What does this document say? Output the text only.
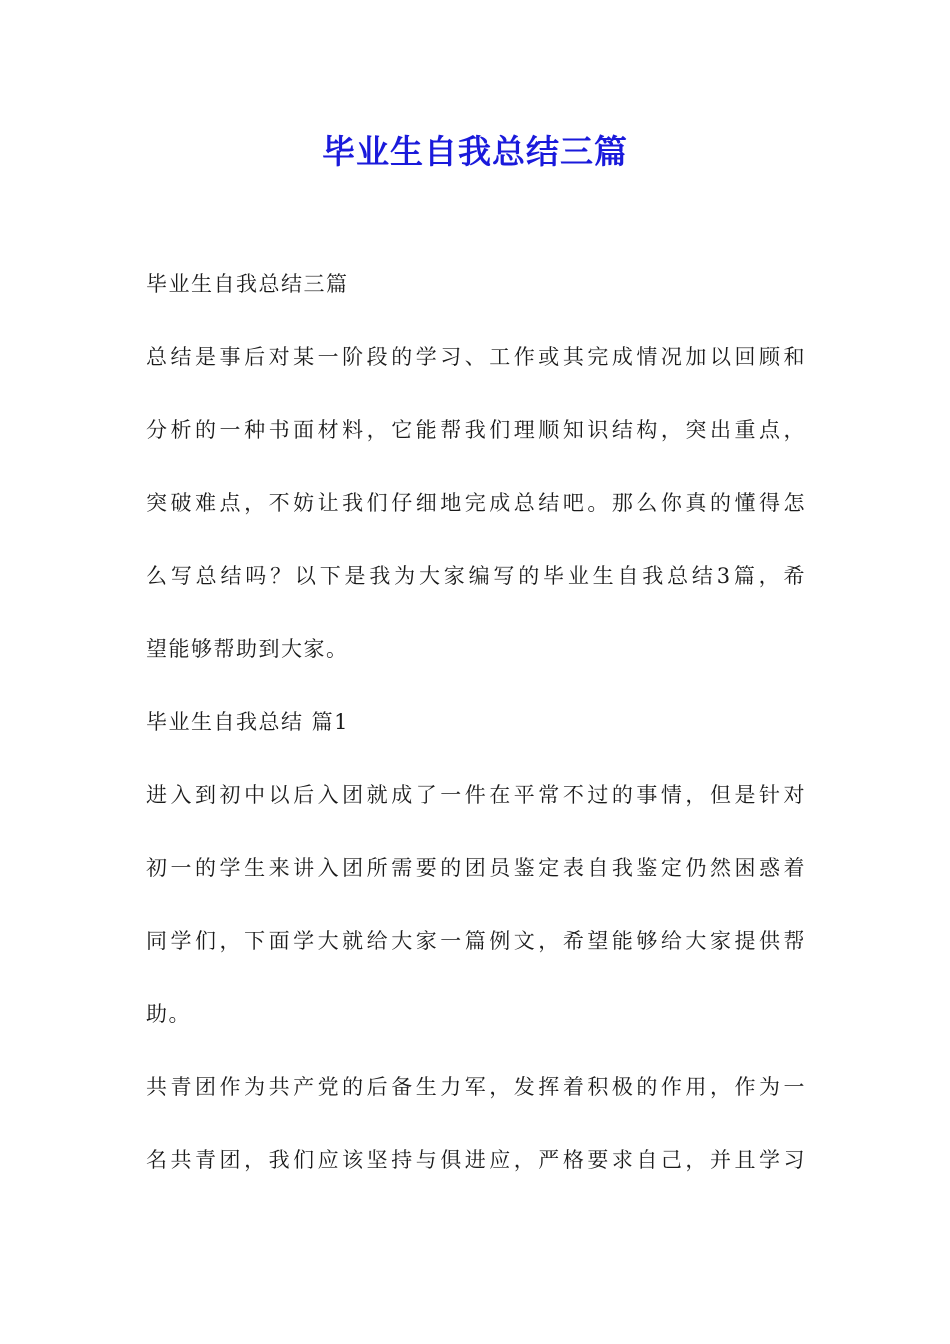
毕业生自我总结三篇
毕业生自我总结三篇
总结是事后对某一阶段的学习、工作或其完成情况加以回顾和
分析的一种书面材料，它能帮我们理顺知识结构，突出重点，
突破难点，不妨让我们仔细地完成总结吧。那么你真的懂得怎
么写总结吗？以下是我为大家编写的毕业生自我总结3篇，希
望能够帮助到大家。
毕业生自我总结 篇1
进入到初中以后入团就成了一件在平常不过的事情，但是针对
初一的学生来讲入团所需要的团员鉴定表自我鉴定仍然困惑着
同学们，下面学大就给大家一篇例文，希望能够给大家提供帮
助。
共青团作为共产党的后备生力军，发挥着积极的作用，作为一
名共青团，我们应该坚持与俱进应，严格要求自己，并且学习
